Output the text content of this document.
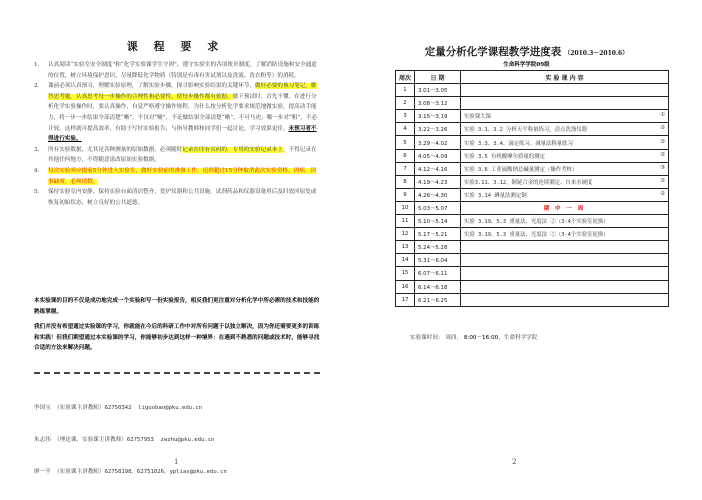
课 程 要 求
1. 认真阅读“实验室安全制度”和“化学实验课学生守则”，遵守实验室的各项规章制度。了解消防设施和安全通道的位置，树立环境保护意识，尽量降低化学物质（特别是有毒有害试剂以及洗液、洗衣粉等）的消耗。
2. 课前必须认真预习，理解实验原理，了解实验步骤，探寻影响实验结果的关键环节，做好必要的预习笔记，解答思考题。认真思考每一步操作的合理性和必要性，使每步操作都有依据。做下预试时，首先不懂。在进行分析化学实验操作时，要认真操作，自觉严格遵守操作规程，为什么按分析化学要求规范地做实验，提高动手能力，将一步一步结果全部清楚“晰”，不仅对“晰”，不论做结果全部清楚“晰”、不可马虎；哪一步对“粗”，不必计较。这样就可提高效率，有助于写好实验报告，与指导教师和同学们一起讨论，学习效果更佳。未预习者不得进行实验。
3. 所有实验数据，尤其是各种测量的原始数据，必须随时记录在印有页码的、专用的实验记录本上，不得记录在其他任何地方，不得随意涂改原始实验数据。
4. 每次实验须应提前5分钟进入实验室，做好实验前的准备工作，迟到超过15分钟取消此次实验资格。因病、因事缺席，必须请假。
5. 保持实验室内安静，保持实验台面清洁整齐，爱护仪器和公共设施。试剂药品和仪器设备用后及时放回原处或恢复初始状态，树立良好的公共道德。
本实验课的目的不仅是成功地完成一个实验和写一份实验报告，相反我们更注重对分析化学中所必需的技术和技能的熟练掌握。
我们并没有希望通过实验课的学习，你就能在今后的科研工作中对所有问题于以独立解决，因为你还需要更多的训练和实践！但我们期望通过本实验课的学习，你能够初步达到这样一种境界：在遇到不熟悉的问题或技术时，能够寻找合适的方法来解决问题。

李国宝 （实验课主讲教师）62750342  liguobao@pku.edu.cn

朱志伟 （理论课、实验课主讲教师）62757953  zwzhu@pku.edu.cn

廖一平 （实验课主讲教师）62758198、62751026，yplias@pku.edu.cn

1
定量分析化学课程教学进度表 （2010.3～2010.6）
生命科学学院09级
周次	日 期	实 验 课 内 容
1	3.01～3.05	
2	3.08～3.12	
3	3.15～3.19	实验课大课 ①

4	3.22～3.26	实验 3.1、3.2 分析天平称量练习，清点洗涤仪器 ②

5	3.29～4.02	实验 3.3、3.4、滴定练习、减量法称量练习 ②

6	4.05～4.09	实验 3.5 有机酸摩尔质量的测定 ②

7	4.12～4.16	实验 3.6 工业硫酸钠总碱量测定（操作考核） ③

8	4.19～4.23	实验3.11、3.12，铜铋合金的连续测定、自来水硬度 ②

9	4.26～4.30	实验 3.14 碘量法测定铜 ②

10	5.03～5.07	期 中 一 周
11	5.10～5.14	实验 3.19、5.3 重量法、光度法 ②（3-4个实验室轮换）
12	5.17～5.21	实验 3.19、5.3 重量法、光度法 ②（3-4个实验室轮换）
13	5.24～5.28	
14	5.31～6.04	
15	6.07～6.11	
16	6.14～6.18	
17	6.21～6.25	
实验课时间： 周四， 8:00－16:00，生命科学学院
2
